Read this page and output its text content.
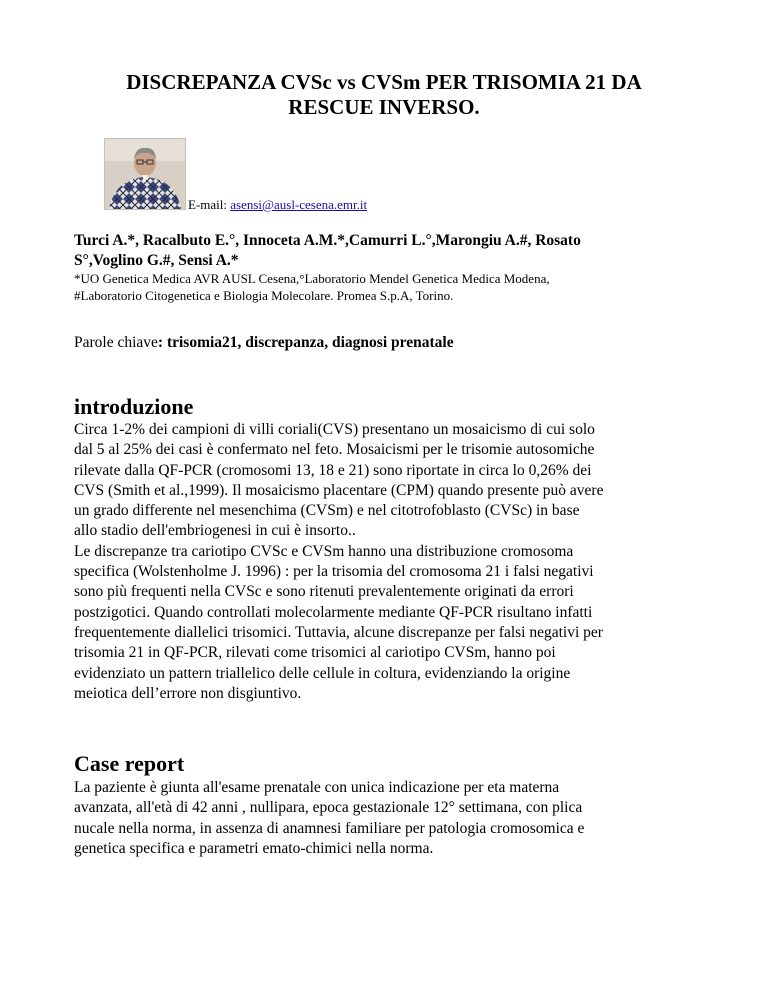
DISCREPANZA CVSc vs CVSm PER TRISOMIA 21 DA
RESCUE INVERSO.
E-mail: asensi@ausl-cesena.emr.it
Turci A.*, Racalbuto E.°, Innoceta A.M.*,Camurri L.°,Marongiu A.#, Rosato
S°,Voglino G.#, Sensi A.*
*UO Genetica Medica AVR AUSL Cesena,°Laboratorio Mendel Genetica Medica Modena,
#Laboratorio Citogenetica e Biologia Molecolare. Promea S.p.A, Torino.
Parole chiave: trisomia21, discrepanza, diagnosi prenatale
introduzione
Circa 1-2% dei campioni di villi coriali(CVS) presentano un mosaicismo di cui solo
dal 5 al 25% dei casi è confermato nel feto. Mosaicismi per le trisomie autosomiche
rilevate dalla QF-PCR (cromosomi 13, 18 e 21) sono riportate in circa lo 0,26% dei
CVS (Smith et al.,1999). Il mosaicismo placentare (CPM) quando presente può avere
un grado differente nel mesenchima (CVSm) e nel citotrofoblasto (CVSc) in base
allo stadio dell'embriogenesi in cui è insorto..
Le discrepanze tra cariotipo CVSc e CVSm hanno una distribuzione cromosoma
specifica (Wolstenholme J. 1996) : per la trisomia del cromosoma 21 i falsi negativi
sono più frequenti nella CVSc e sono ritenuti prevalentemente originati da errori
postzigotici. Quando controllati molecolarmente mediante QF-PCR risultano infatti
frequentemente diallelici trisomici. Tuttavia, alcune discrepanze per falsi negativi per
trisomia 21 in QF-PCR, rilevati come trisomici al cariotipo CVSm, hanno poi
evidenziato un pattern triallelico delle cellule in coltura, evidenziando la origine
meiotica dell’errore non disgiuntivo.
Case report
La paziente è giunta all'esame prenatale con unica indicazione per eta materna
avanzata, all'età di 42 anni , nullipara, epoca gestazionale 12° settimana, con plica
nucale nella norma, in assenza di anamnesi familiare per patologia cromosomica e
genetica specifica e parametri emato-chimici nella norma.
